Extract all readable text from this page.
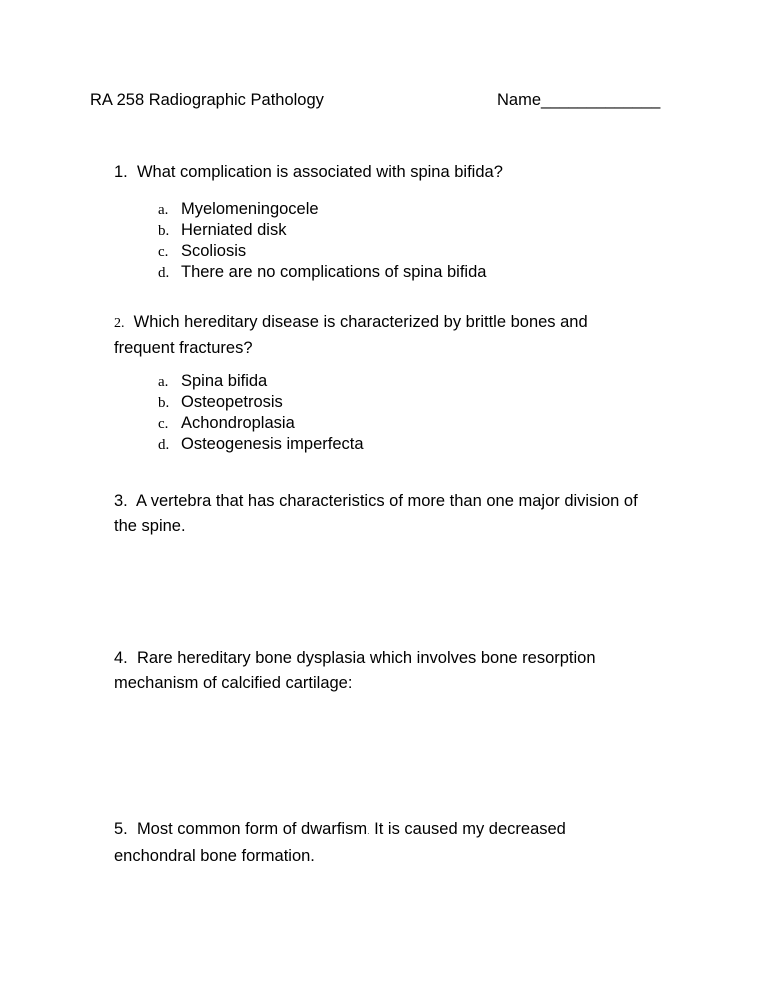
RA 258 Radiographic Pathology	Name_____________
1. What complication is associated with spina bifida?
a. Myelomeningocele
b. Herniated disk
c. Scoliosis
d. There are no complications of spina bifida
2. Which hereditary disease is characterized by brittle bones and
frequent fractures?
a. Spina bifida
b. Osteopetrosis
c. Achondroplasia
d. Osteogenesis imperfecta
3. A vertebra that has characteristics of more than one major division of
the spine.
4. Rare hereditary bone dysplasia which involves bone resorption
mechanism of calcified cartilage:
5. Most common form of dwarfism. It is caused my decreased
enchondral bone formation.
